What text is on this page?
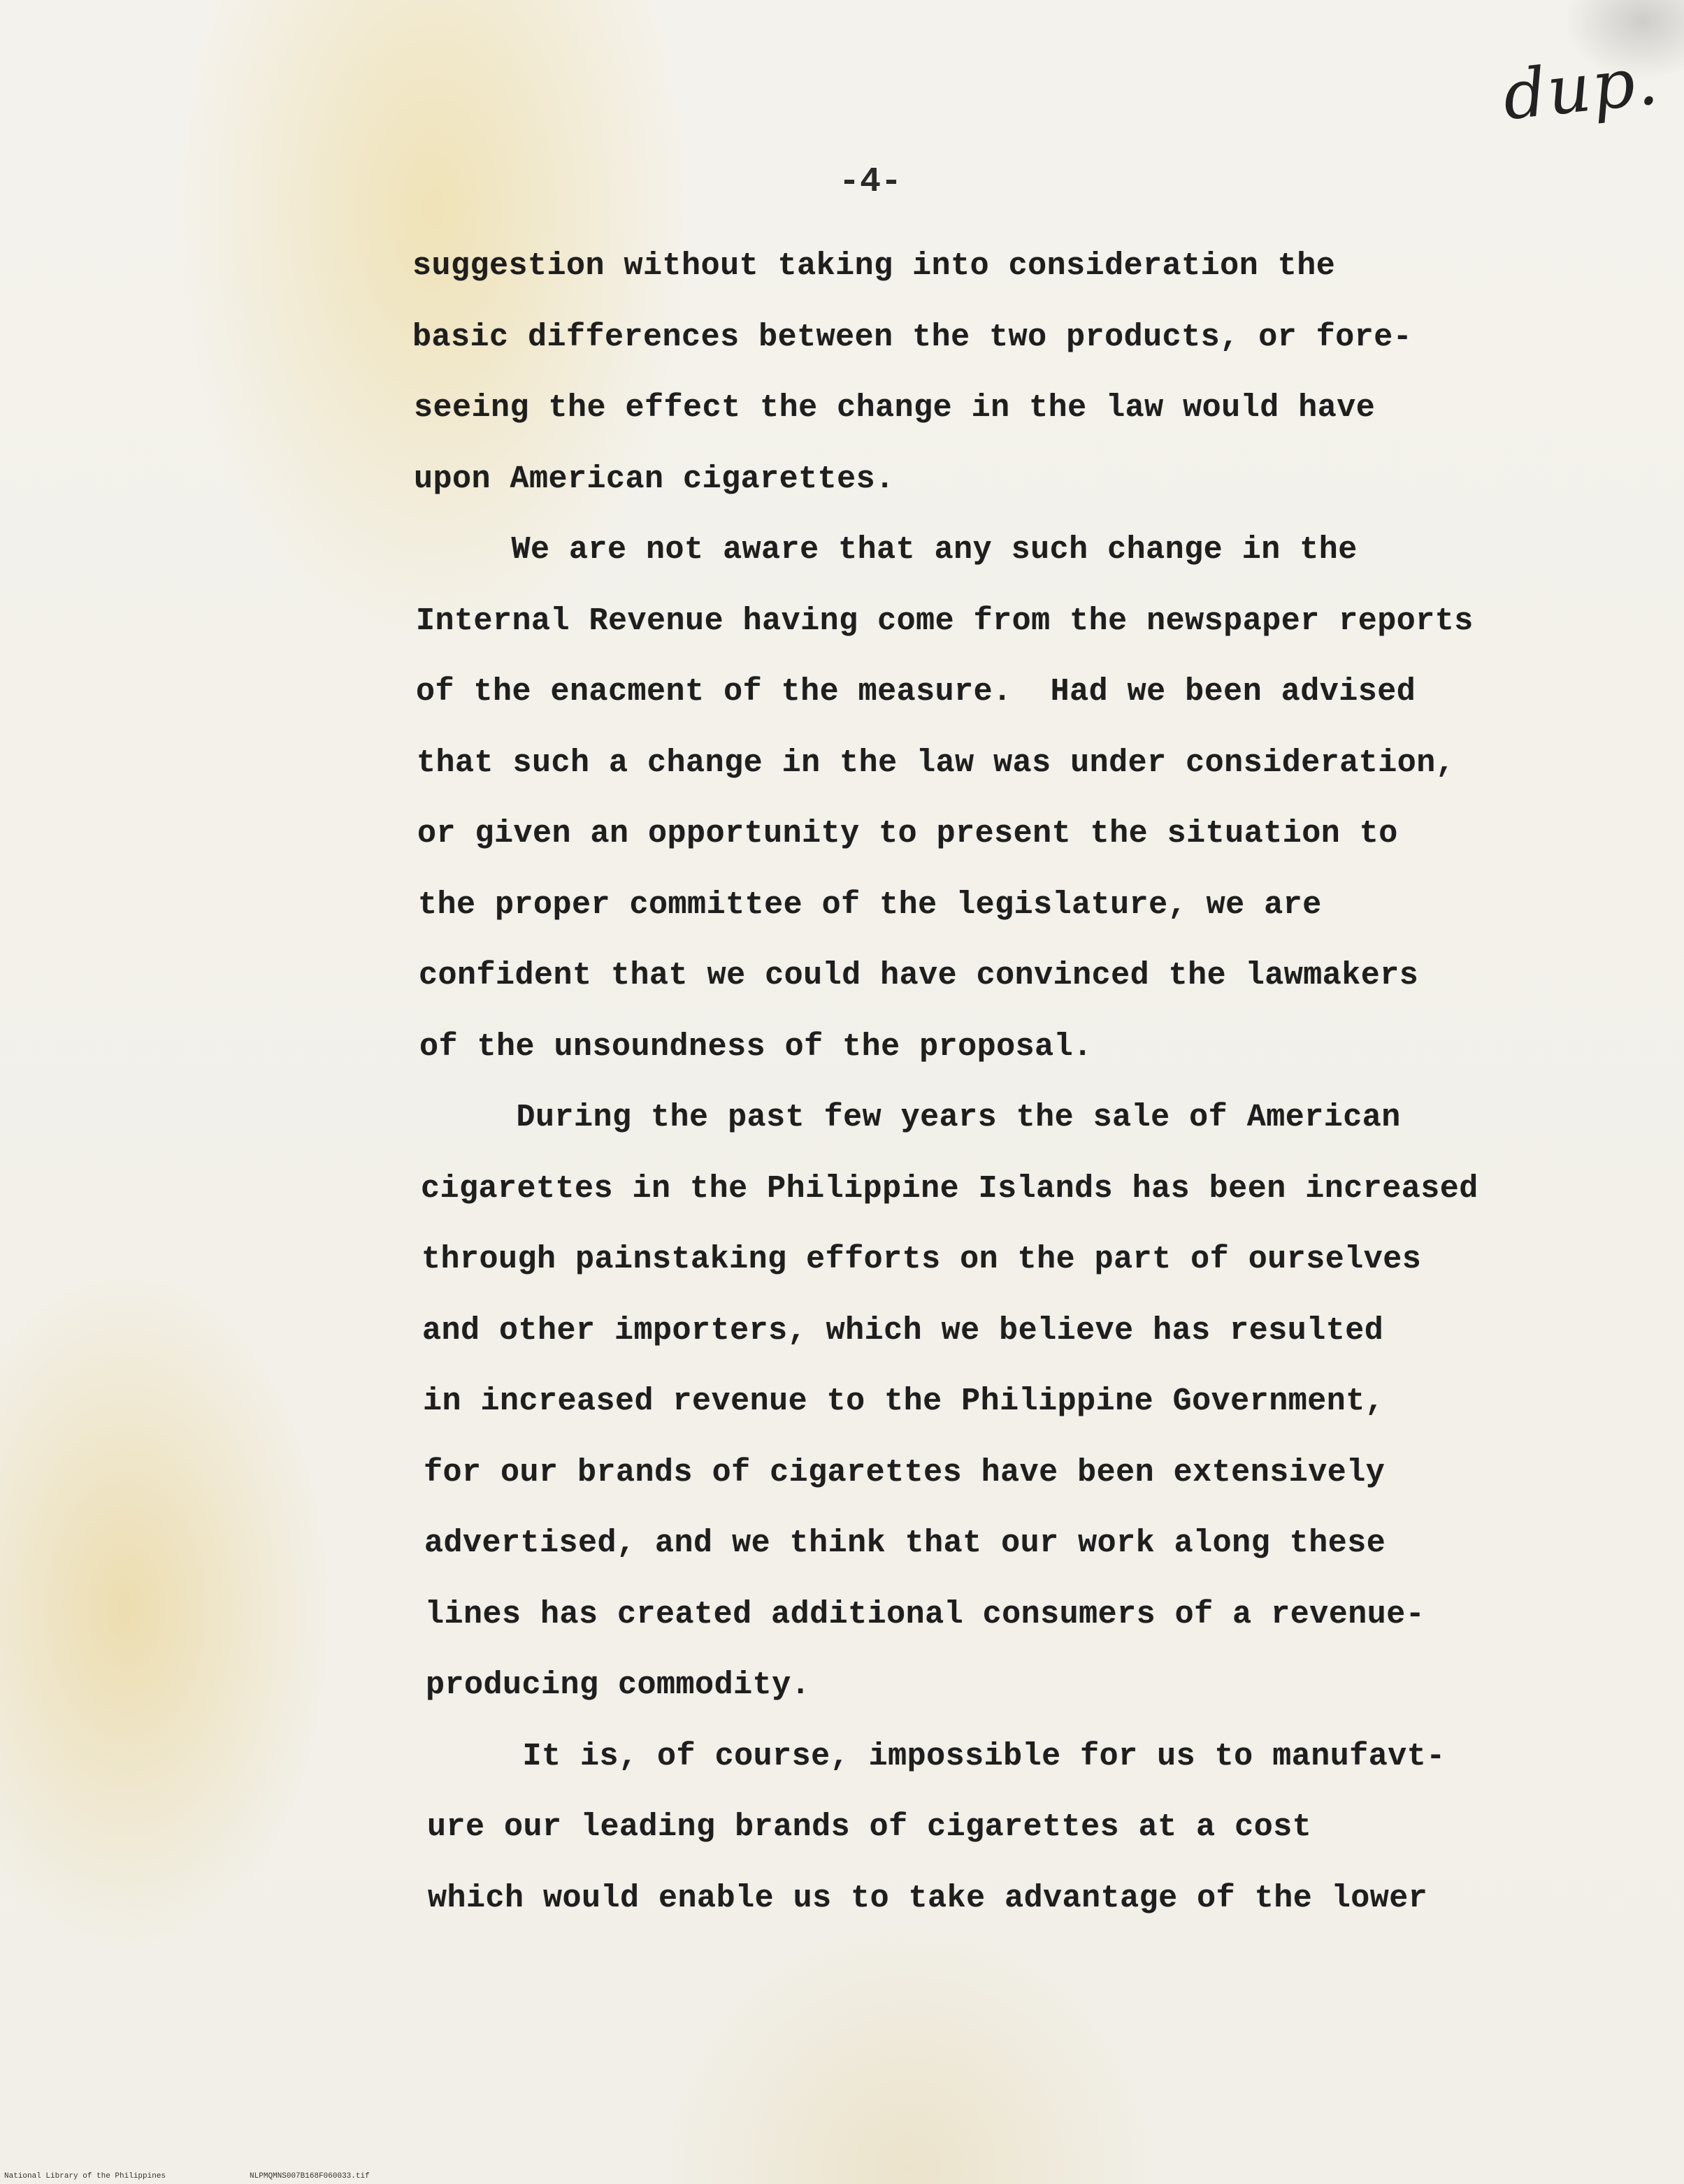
dup.
-4-
suggestion without taking into consideration the
basic differences between the two products, or fore-
seeing the effect the change in the law would have
upon American cigarettes.
We are not aware that any such change in the
Internal Revenue having come from the newspaper reports
of the enacment of the measure.  Had we been advised
that such a change in the law was under consideration,
or given an opportunity to present the situation to
the proper committee of the legislature, we are
confident that we could have convinced the lawmakers
of the unsoundness of the proposal.
During the past few years the sale of American
cigarettes in the Philippine Islands has been increased
through painstaking efforts on the part of ourselves
and other importers, which we believe has resulted
in increased revenue to the Philippine Government,
for our brands of cigarettes have been extensively
advertised, and we think that our work along these
lines has created additional consumers of a revenue-
producing commodity.
It is, of course, impossible for us to manufavt-
ure our leading brands of cigarettes at a cost
which would enable us to take advantage of the lower
National Library of the Philippines	NLPMQMNS007B168F060033.tif
